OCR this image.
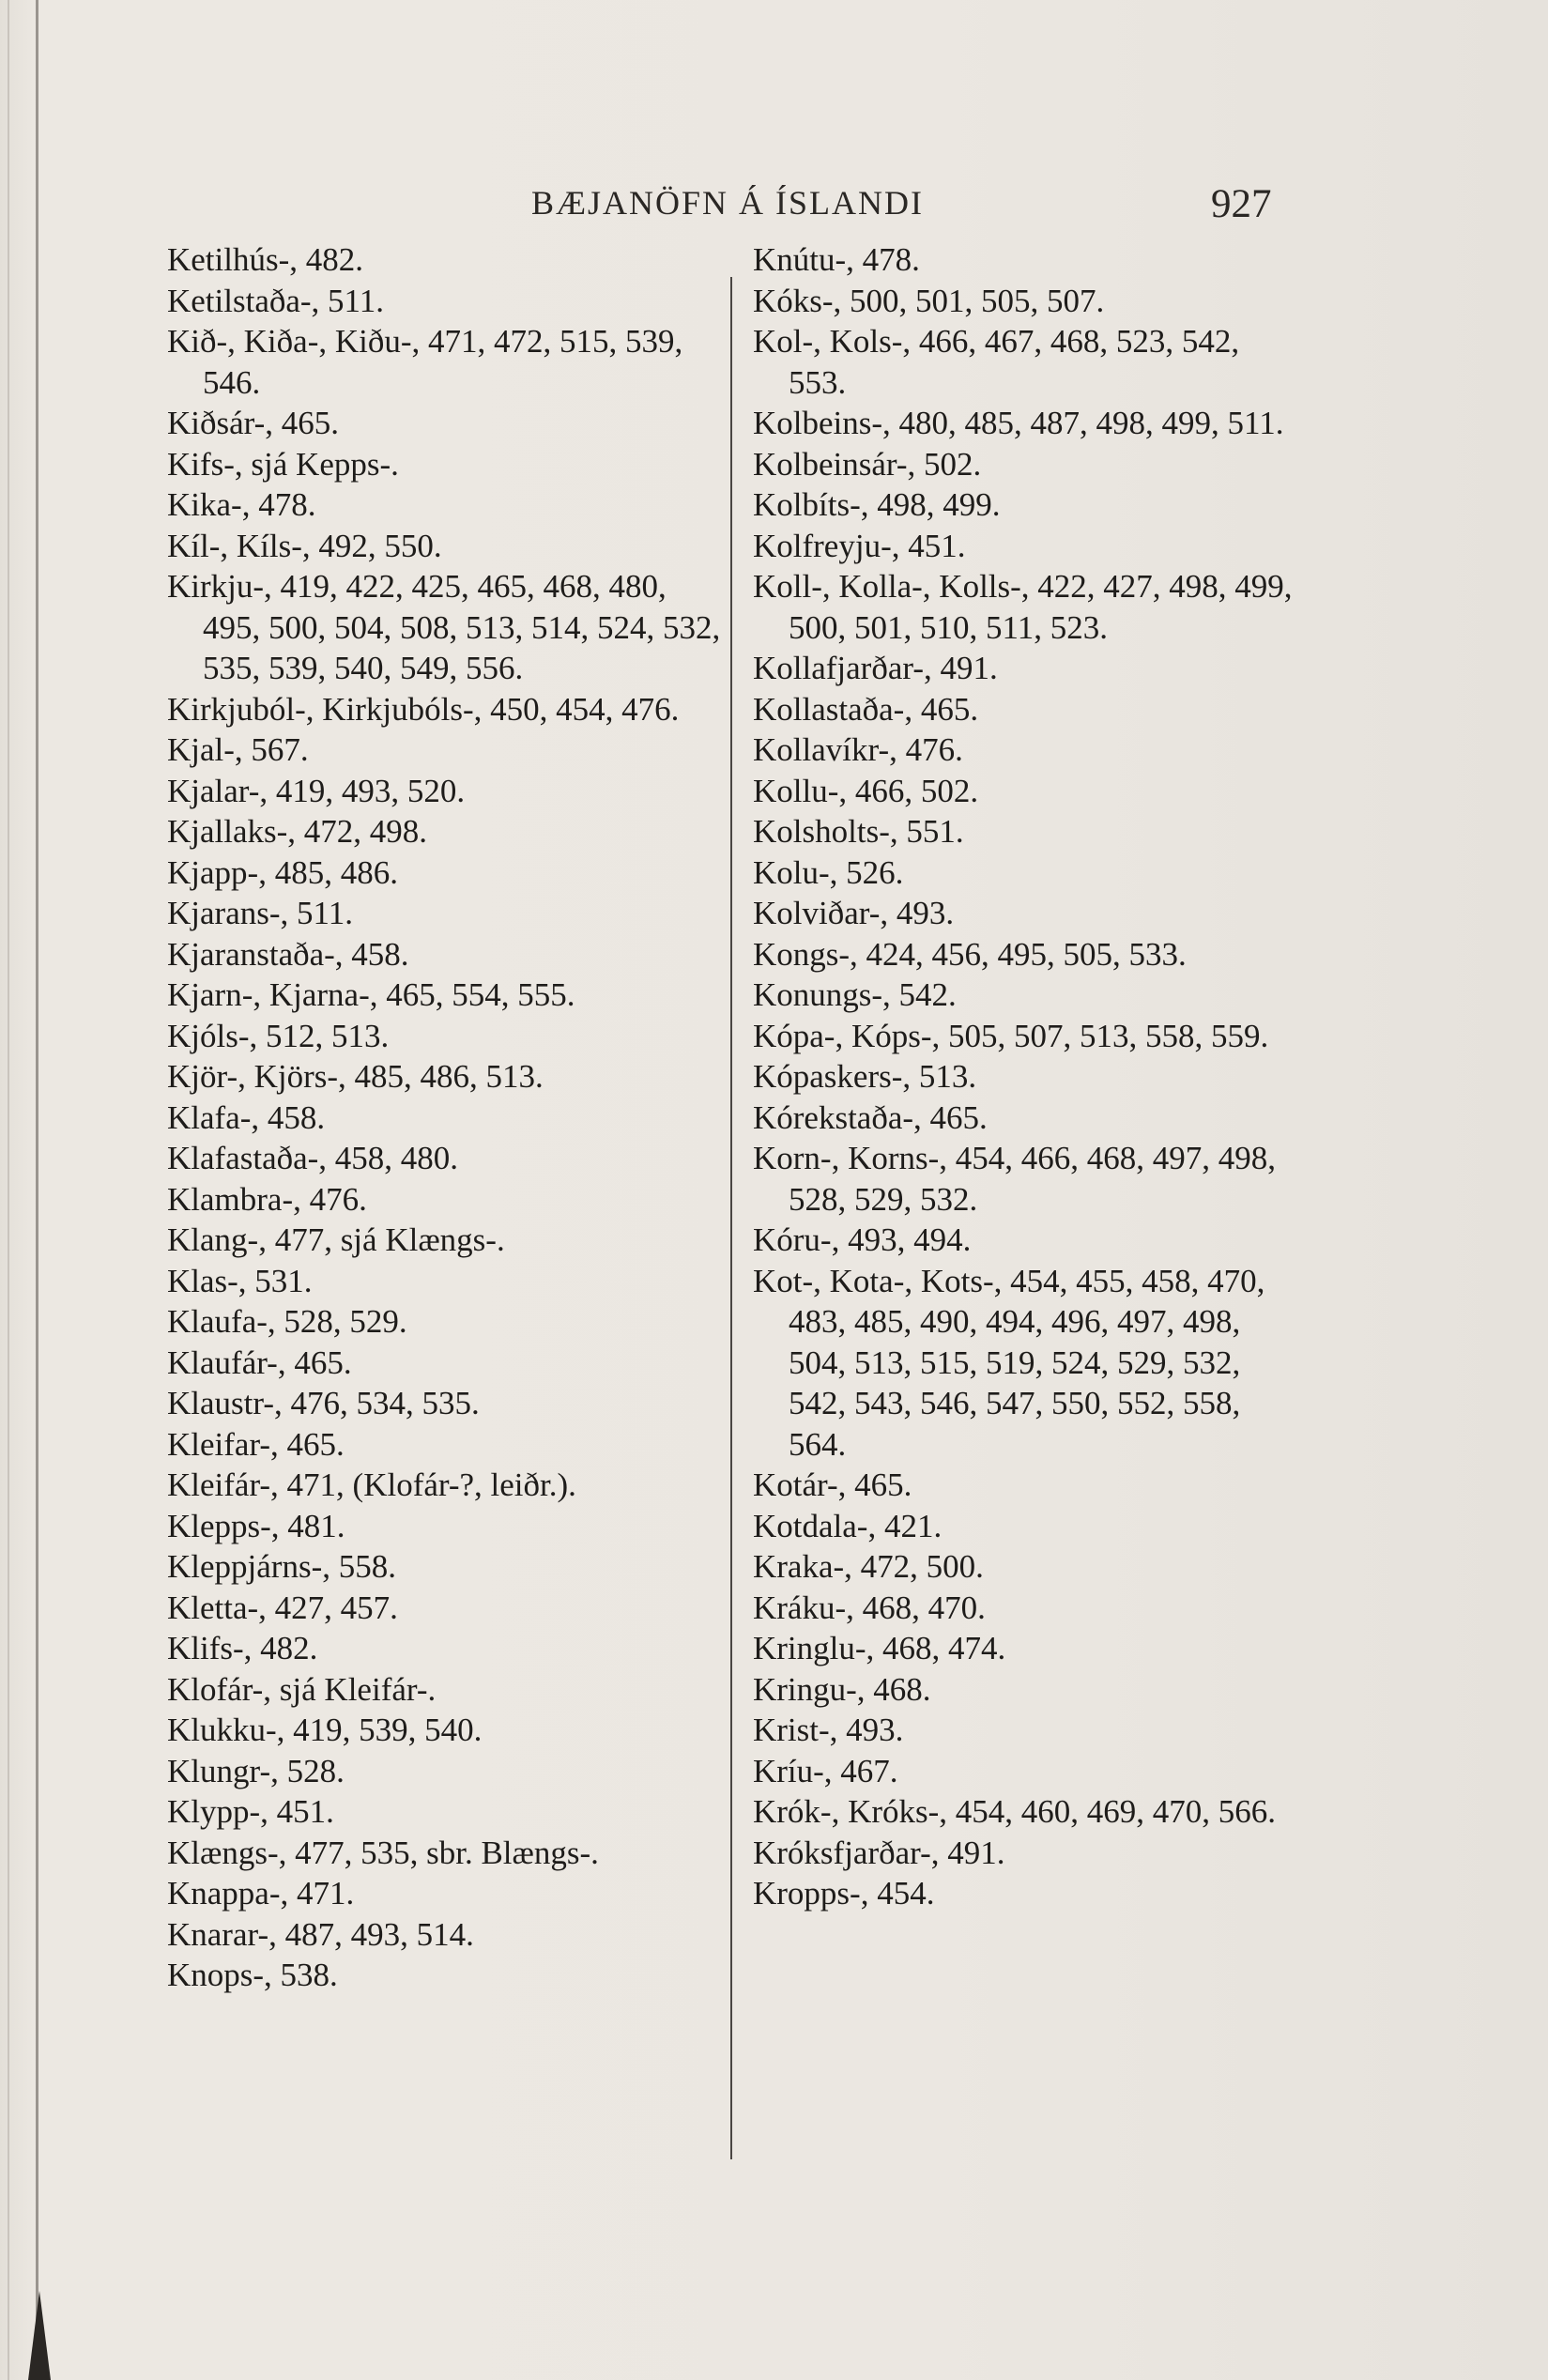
BÆJANÖFN Á ÍSLANDI	927

Ketilhús-, 482.

Ketilstaða-, 511.

Kið-, Kiða-, Kiðu-, 471, 472, 515, 539, 546.

Kiðsár-, 465.

Kifs-, sjá Kepps-.

Kika-, 478.

Kíl-, Kíls-, 492, 550.

Kirkju-, 419, 422, 425, 465, 468, 480, 495, 500, 504, 508, 513, 514, 524, 532, 535, 539, 540, 549, 556.

Kirkjuból-, Kirkjubóls-, 450, 454, 476.

Kjal-, 567.

Kjalar-, 419, 493, 520.

Kjallaks-, 472, 498.

Kjapp-, 485, 486.

Kjarans-, 511.

Kjaranstaða-, 458.

Kjarn-, Kjarna-, 465, 554, 555.

Kjóls-, 512, 513.

Kjör-, Kjörs-, 485, 486, 513.

Klafa-, 458.

Klafastaða-, 458, 480.

Klambra-, 476.

Klang-, 477, sjá Klængs-.

Klas-, 531.

Klaufa-, 528, 529.

Klaufár-, 465.

Klaustr-, 476, 534, 535.

Kleifar-, 465.

Kleifár-, 471, (Klofár-?, leiðr.).

Klepps-, 481.

Kleppjárns-, 558.

Kletta-, 427, 457.

Klifs-, 482.

Klofár-, sjá Kleifár-.

Klukku-, 419, 539, 540.

Klungr-, 528.

Klypp-, 451.

Klængs-, 477, 535, sbr. Blængs-.

Knappa-, 471.

Knarar-, 487, 493, 514.

Knops-, 538.

Knútu-, 478.

Kóks-, 500, 501, 505, 507.

Kol-, Kols-, 466, 467, 468, 523, 542, 553.

Kolbeins-, 480, 485, 487, 498, 499, 511.

Kolbeinsár-, 502.

Kolbíts-, 498, 499.

Kolfreyju-, 451.

Koll-, Kolla-, Kolls-, 422, 427, 498, 499, 500, 501, 510, 511, 523.

Kollafjarðar-, 491.

Kollastaða-, 465.

Kollavíkr-, 476.

Kollu-, 466, 502.

Kolsholts-, 551.

Kolu-, 526.

Kolviðar-, 493.

Kongs-, 424, 456, 495, 505, 533.

Konungs-, 542.

Kópa-, Kóps-, 505, 507, 513, 558, 559.

Kópaskers-, 513.

Kórekstaða-, 465.

Korn-, Korns-, 454, 466, 468, 497, 498, 528, 529, 532.

Kóru-, 493, 494.

Kot-, Kota-, Kots-, 454, 455, 458, 470, 483, 485, 490, 494, 496, 497, 498, 504, 513, 515, 519, 524, 529, 532, 542, 543, 546, 547, 550, 552, 558, 564.

Kotár-, 465.

Kotdala-, 421.

Kraka-, 472, 500.

Kráku-, 468, 470.

Kringlu-, 468, 474.

Kringu-, 468.

Krist-, 493.

Kríu-, 467.

Krók-, Króks-, 454, 460, 469, 470, 566.

Króksfjarðar-, 491.

Kropps-, 454.
